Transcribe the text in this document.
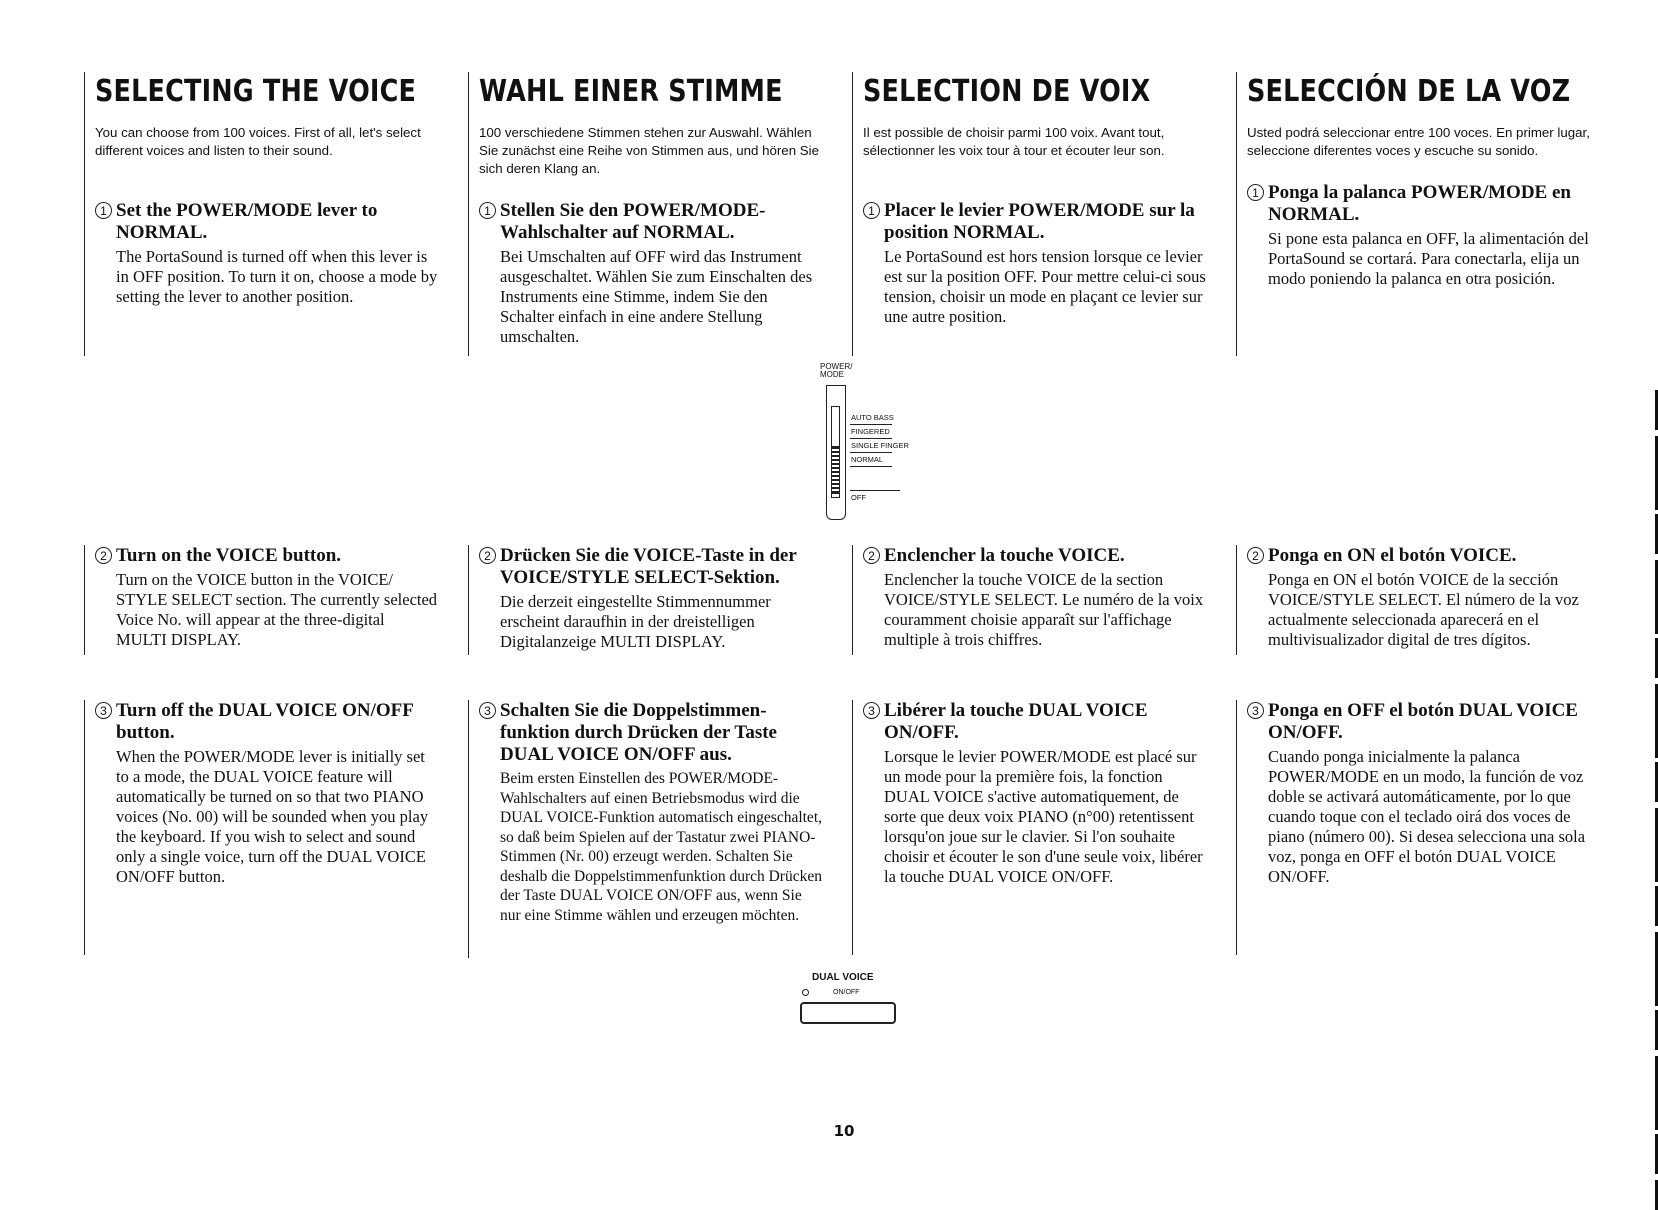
SELECTING THE VOICE

You can choose from 100 voices. First of all, let's select different voices and listen to their sound.

1 Set the POWER/MODE lever to NORMAL.

The PortaSound is turned off when this lever is in OFF position. To turn it on, choose a mode by setting the lever to another position.

2 Turn on the VOICE button.

Turn on the VOICE button in the VOICE/ STYLE SELECT section. The currently selected Voice No. will appear at the three-digital MULTI DISPLAY.

3 Turn off the DUAL VOICE ON/OFF button.

When the POWER/MODE lever is initially set to a mode, the DUAL VOICE feature will automatically be turned on so that two PIANO voices (No. 00) will be sounded when you play the keyboard. If you wish to select and sound only a single voice, turn off the DUAL VOICE ON/OFF button.

WAHL EINER STIMME

100 verschiedene Stimmen stehen zur Auswahl. Wählen Sie zunächst eine Reihe von Stimmen aus, und hören Sie sich deren Klang an.

1 Stellen Sie den POWER/MODE-Wahlschalter auf NORMAL.

Bei Umschalten auf OFF wird das Instrument ausgeschaltet. Wählen Sie zum Einschalten des Instruments eine Stimme, indem Sie den Schalter einfach in eine andere Stellung umschalten.

2 Drücken Sie die VOICE-Taste in der VOICE/STYLE SELECT-Sektion.

Die derzeit eingestellte Stimmennummer erscheint daraufhin in der dreistelligen Digitalanzeige MULTI DISPLAY.

3 Schalten Sie die Doppelstimmen-funktion durch Drücken der Taste DUAL VOICE ON/OFF aus.

Beim ersten Einstellen des POWER/MODE-Wahlschalters auf einen Betriebsmodus wird die DUAL VOICE-Funktion automatisch eingeschaltet, so daß beim Spielen auf der Tastatur zwei PIANO-Stimmen (Nr. 00) erzeugt werden. Schalten Sie deshalb die Doppelstimmenfunktion durch Drücken der Taste DUAL VOICE ON/OFF aus, wenn Sie nur eine Stimme wählen und erzeugen möchten.

SELECTION DE VOIX

Il est possible de choisir parmi 100 voix. Avant tout, sélectionner les voix tour à tour et écouter leur son.

1 Placer le levier POWER/MODE sur la position NORMAL.

Le PortaSound est hors tension lorsque ce levier est sur la position OFF. Pour mettre celui-ci sous tension, choisir un mode en plaçant ce levier sur une autre position.

2 Enclencher la touche VOICE.

Enclencher la touche VOICE de la section VOICE/STYLE SELECT. Le numéro de la voix couramment choisie apparaît sur l'affichage multiple à trois chiffres.

3 Libérer la touche DUAL VOICE ON/OFF.

Lorsque le levier POWER/MODE est placé sur un mode pour la première fois, la fonction DUAL VOICE s'active automatiquement, de sorte que deux voix PIANO (n°00) retentissent lorsqu'on joue sur le clavier. Si l'on souhaite choisir et écouter le son d'une seule voix, libérer la touche DUAL VOICE ON/OFF.

SELECCIÓN DE LA VOZ

Usted podrá seleccionar entre 100 voces. En primer lugar, seleccione diferentes voces y escuche su sonido.

1 Ponga la palanca POWER/MODE en NORMAL.

Si pone esta palanca en OFF, la alimentación del PortaSound se cortará. Para conectarla, elija un modo poniendo la palanca en otra posición.

2 Ponga en ON el botón VOICE.

Ponga en ON el botón VOICE de la sección VOICE/STYLE SELECT. El número de la voz actualmente seleccionada aparecerá en el multivisualizador digital de tres dígitos.

3 Ponga en OFF el botón DUAL VOICE ON/OFF.

Cuando ponga inicialmente la palanca POWER/MODE en un modo, la función de voz doble se activará automáticamente, por lo que cuando toque con el teclado oirá dos voces de piano (número 00). Si desea selecciona una sola voz, ponga en OFF el botón DUAL VOICE ON/OFF.

POWER/ MODE
AUTO BASS
FINGERED
SINGLE FINGER
NORMAL
OFF
DUAL VOICE
ON/OFF
10
